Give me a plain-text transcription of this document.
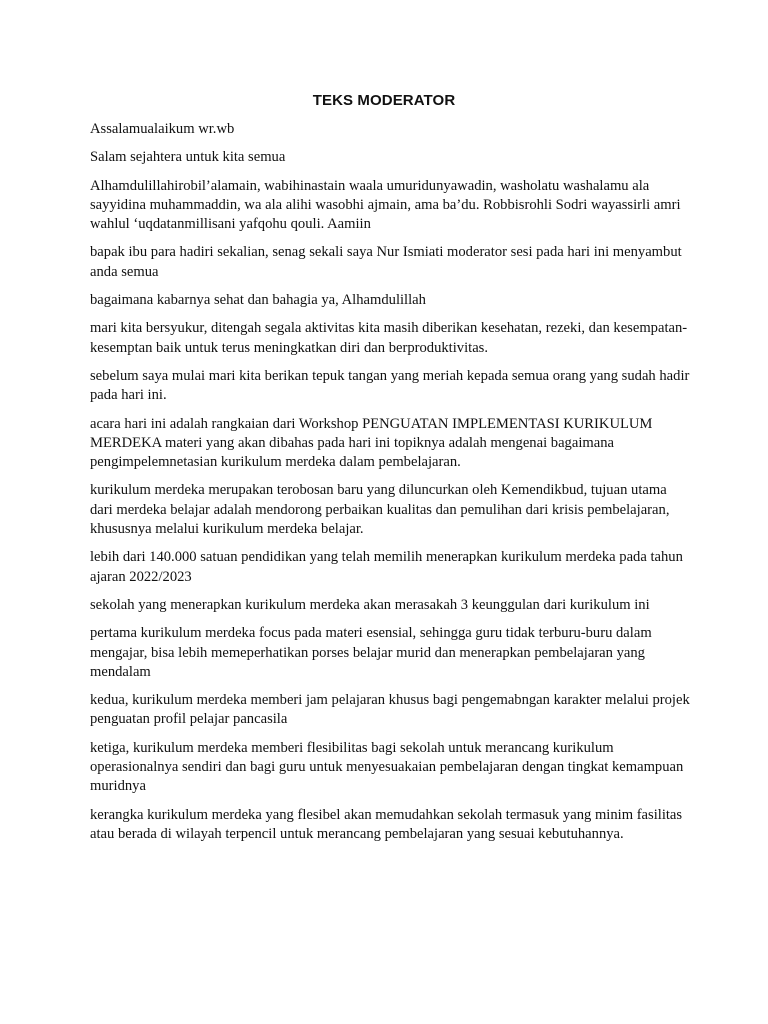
TEKS MODERATOR

Assalamualaikum wr.wb

Salam sejahtera untuk kita semua

Alhamdulillahirobil’alamain, wabihinastain waala umuridunyawadin, washolatu washalamu ala sayyidina muhammaddin, wa ala alihi wasobhi ajmain, ama ba’du. Robbisrohli Sodri wayassirli amri wahlul ‘uqdatanmillisani yafqohu qouli. Aamiin

bapak ibu para hadiri sekalian, senag sekali saya Nur Ismiati moderator sesi pada hari ini menyambut anda semua

bagaimana kabarnya sehat dan bahagia ya, Alhamdulillah

mari kita bersyukur, ditengah segala aktivitas kita masih diberikan kesehatan, rezeki, dan kesempatan-kesemptan baik untuk terus meningkatkan diri dan berproduktivitas.

sebelum saya mulai mari kita berikan tepuk tangan yang meriah kepada semua orang yang sudah hadir pada hari ini.

acara hari ini adalah rangkaian dari Workshop PENGUATAN IMPLEMENTASI KURIKULUM MERDEKA materi yang akan dibahas pada hari ini topiknya adalah mengenai bagaimana pengimpelemnetasian kurikulum merdeka dalam pembelajaran.

kurikulum merdeka merupakan terobosan baru yang diluncurkan oleh Kemendikbud, tujuan utama dari merdeka belajar adalah mendorong perbaikan kualitas dan pemulihan dari krisis pembelajaran, khususnya melalui kurikulum merdeka belajar.

lebih dari 140.000 satuan pendidikan yang telah memilih menerapkan kurikulum merdeka pada tahun ajaran 2022/2023

sekolah yang menerapkan kurikulum merdeka akan merasakah 3 keunggulan dari kurikulum ini

pertama kurikulum merdeka focus pada materi esensial, sehingga guru tidak terburu-buru dalam mengajar, bisa lebih memeperhatikan porses belajar murid dan menerapkan pembelajaran yang mendalam

kedua, kurikulum merdeka memberi jam pelajaran khusus bagi pengemabngan karakter melalui projek penguatan profil pelajar pancasila

ketiga, kurikulum merdeka memberi flesibilitas bagi sekolah untuk merancang kurikulum operasionalnya sendiri dan bagi guru untuk menyesuakaian pembelajaran dengan tingkat kemampuan muridnya

kerangka kurikulum merdeka yang flesibel akan memudahkan sekolah termasuk yang minim fasilitas atau berada di wilayah terpencil untuk merancang pembelajaran yang sesuai kebutuhannya.
